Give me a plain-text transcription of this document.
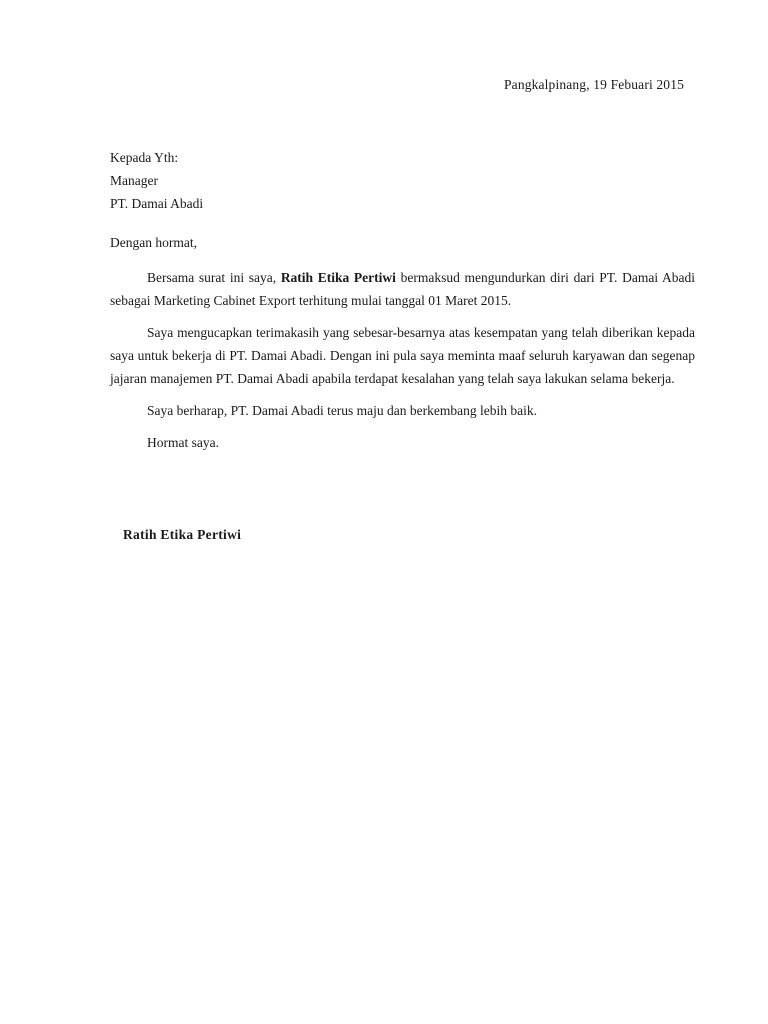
Pangkalpinang, 19 Febuari 2015
Kepada Yth:
Manager
PT. Damai Abadi
Dengan hormat,

Bersama surat ini saya, Ratih Etika Pertiwi bermaksud mengundurkan diri dari PT. Damai Abadi sebagai Marketing Cabinet Export terhitung mulai tanggal 01 Maret 2015.

Saya mengucapkan terimakasih yang sebesar-besarnya atas kesempatan yang telah diberikan kepada saya untuk bekerja di PT. Damai Abadi. Dengan ini pula saya meminta maaf seluruh karyawan dan segenap jajaran manajemen PT. Damai Abadi apabila terdapat kesalahan yang telah saya lakukan selama bekerja.

Saya berharap, PT. Damai Abadi terus maju dan berkembang lebih baik.

Hormat saya.

Ratih Etika Pertiwi
